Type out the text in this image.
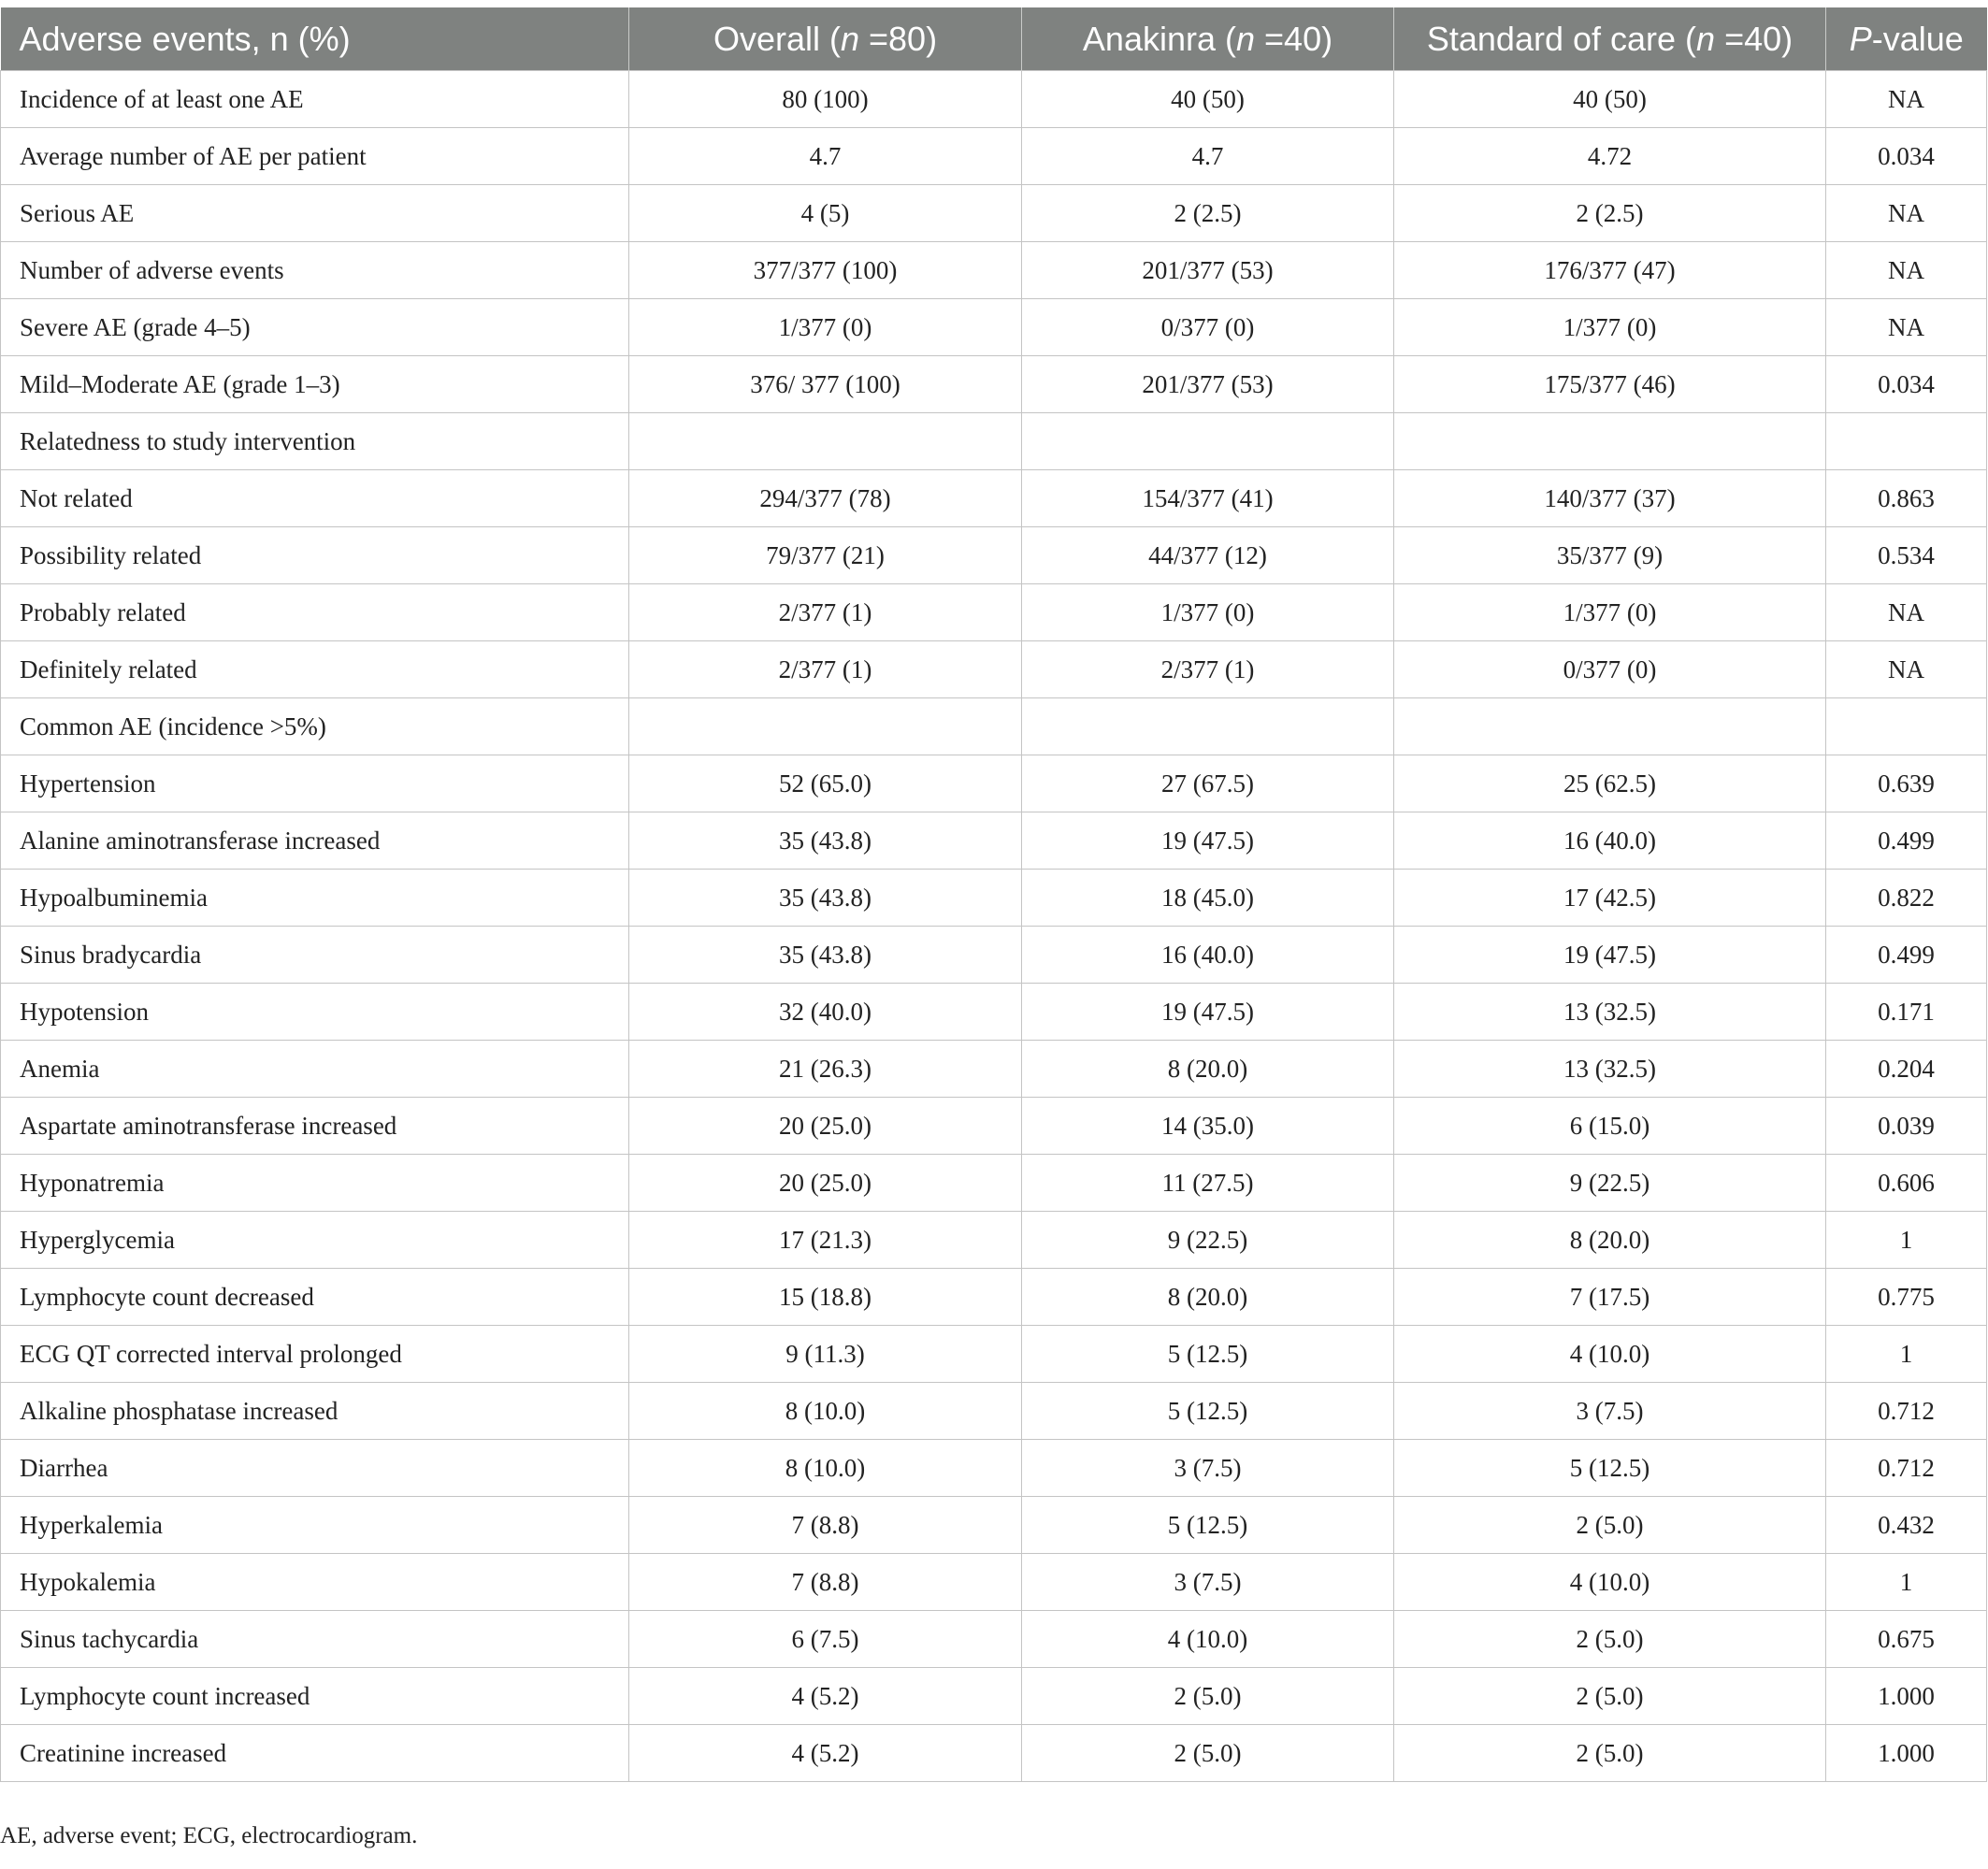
Adverse events, n (%)	Overall (n =80)	Anakinra (n =40)	Standard of care (n =40)	P-value
Incidence of at least one AE	80 (100)	40 (50)	40 (50)	NA
Average number of AE per patient	4.7	4.7	4.72	0.034
Serious AE	4 (5)	2 (2.5)	2 (2.5)	NA
Number of adverse events	377/377 (100)	201/377 (53)	176/377 (47)	NA
Severe AE (grade 4–5)	1/377 (0)	0/377 (0)	1/377 (0)	NA
Mild–Moderate AE (grade 1–3)	376/ 377 (100)	201/377 (53)	175/377 (46)	0.034
Relatedness to study intervention				
Not related	294/377 (78)	154/377 (41)	140/377 (37)	0.863
Possibility related	79/377 (21)	44/377 (12)	35/377 (9)	0.534
Probably related	2/377 (1)	1/377 (0)	1/377 (0)	NA
Definitely related	2/377 (1)	2/377 (1)	0/377 (0)	NA
Common AE (incidence >5%)				
Hypertension	52 (65.0)	27 (67.5)	25 (62.5)	0.639
Alanine aminotransferase increased	35 (43.8)	19 (47.5)	16 (40.0)	0.499
Hypoalbuminemia	35 (43.8)	18 (45.0)	17 (42.5)	0.822
Sinus bradycardia	35 (43.8)	16 (40.0)	19 (47.5)	0.499
Hypotension	32 (40.0)	19 (47.5)	13 (32.5)	0.171
Anemia	21 (26.3)	8 (20.0)	13 (32.5)	0.204
Aspartate aminotransferase increased	20 (25.0)	14 (35.0)	6 (15.0)	0.039
Hyponatremia	20 (25.0)	11 (27.5)	9 (22.5)	0.606
Hyperglycemia	17 (21.3)	9 (22.5)	8 (20.0)	1
Lymphocyte count decreased	15 (18.8)	8 (20.0)	7 (17.5)	0.775
ECG QT corrected interval prolonged	9 (11.3)	5 (12.5)	4 (10.0)	1
Alkaline phosphatase increased	8 (10.0)	5 (12.5)	3 (7.5)	0.712
Diarrhea	8 (10.0)	3 (7.5)	5 (12.5)	0.712
Hyperkalemia	7 (8.8)	5 (12.5)	2 (5.0)	0.432
Hypokalemia	7 (8.8)	3 (7.5)	4 (10.0)	1
Sinus tachycardia	6 (7.5)	4 (10.0)	2 (5.0)	0.675
Lymphocyte count increased	4 (5.2)	2 (5.0)	2 (5.0)	1.000
Creatinine increased	4 (5.2)	2 (5.0)	2 (5.0)	1.000
AE, adverse event; ECG, electrocardiogram.
